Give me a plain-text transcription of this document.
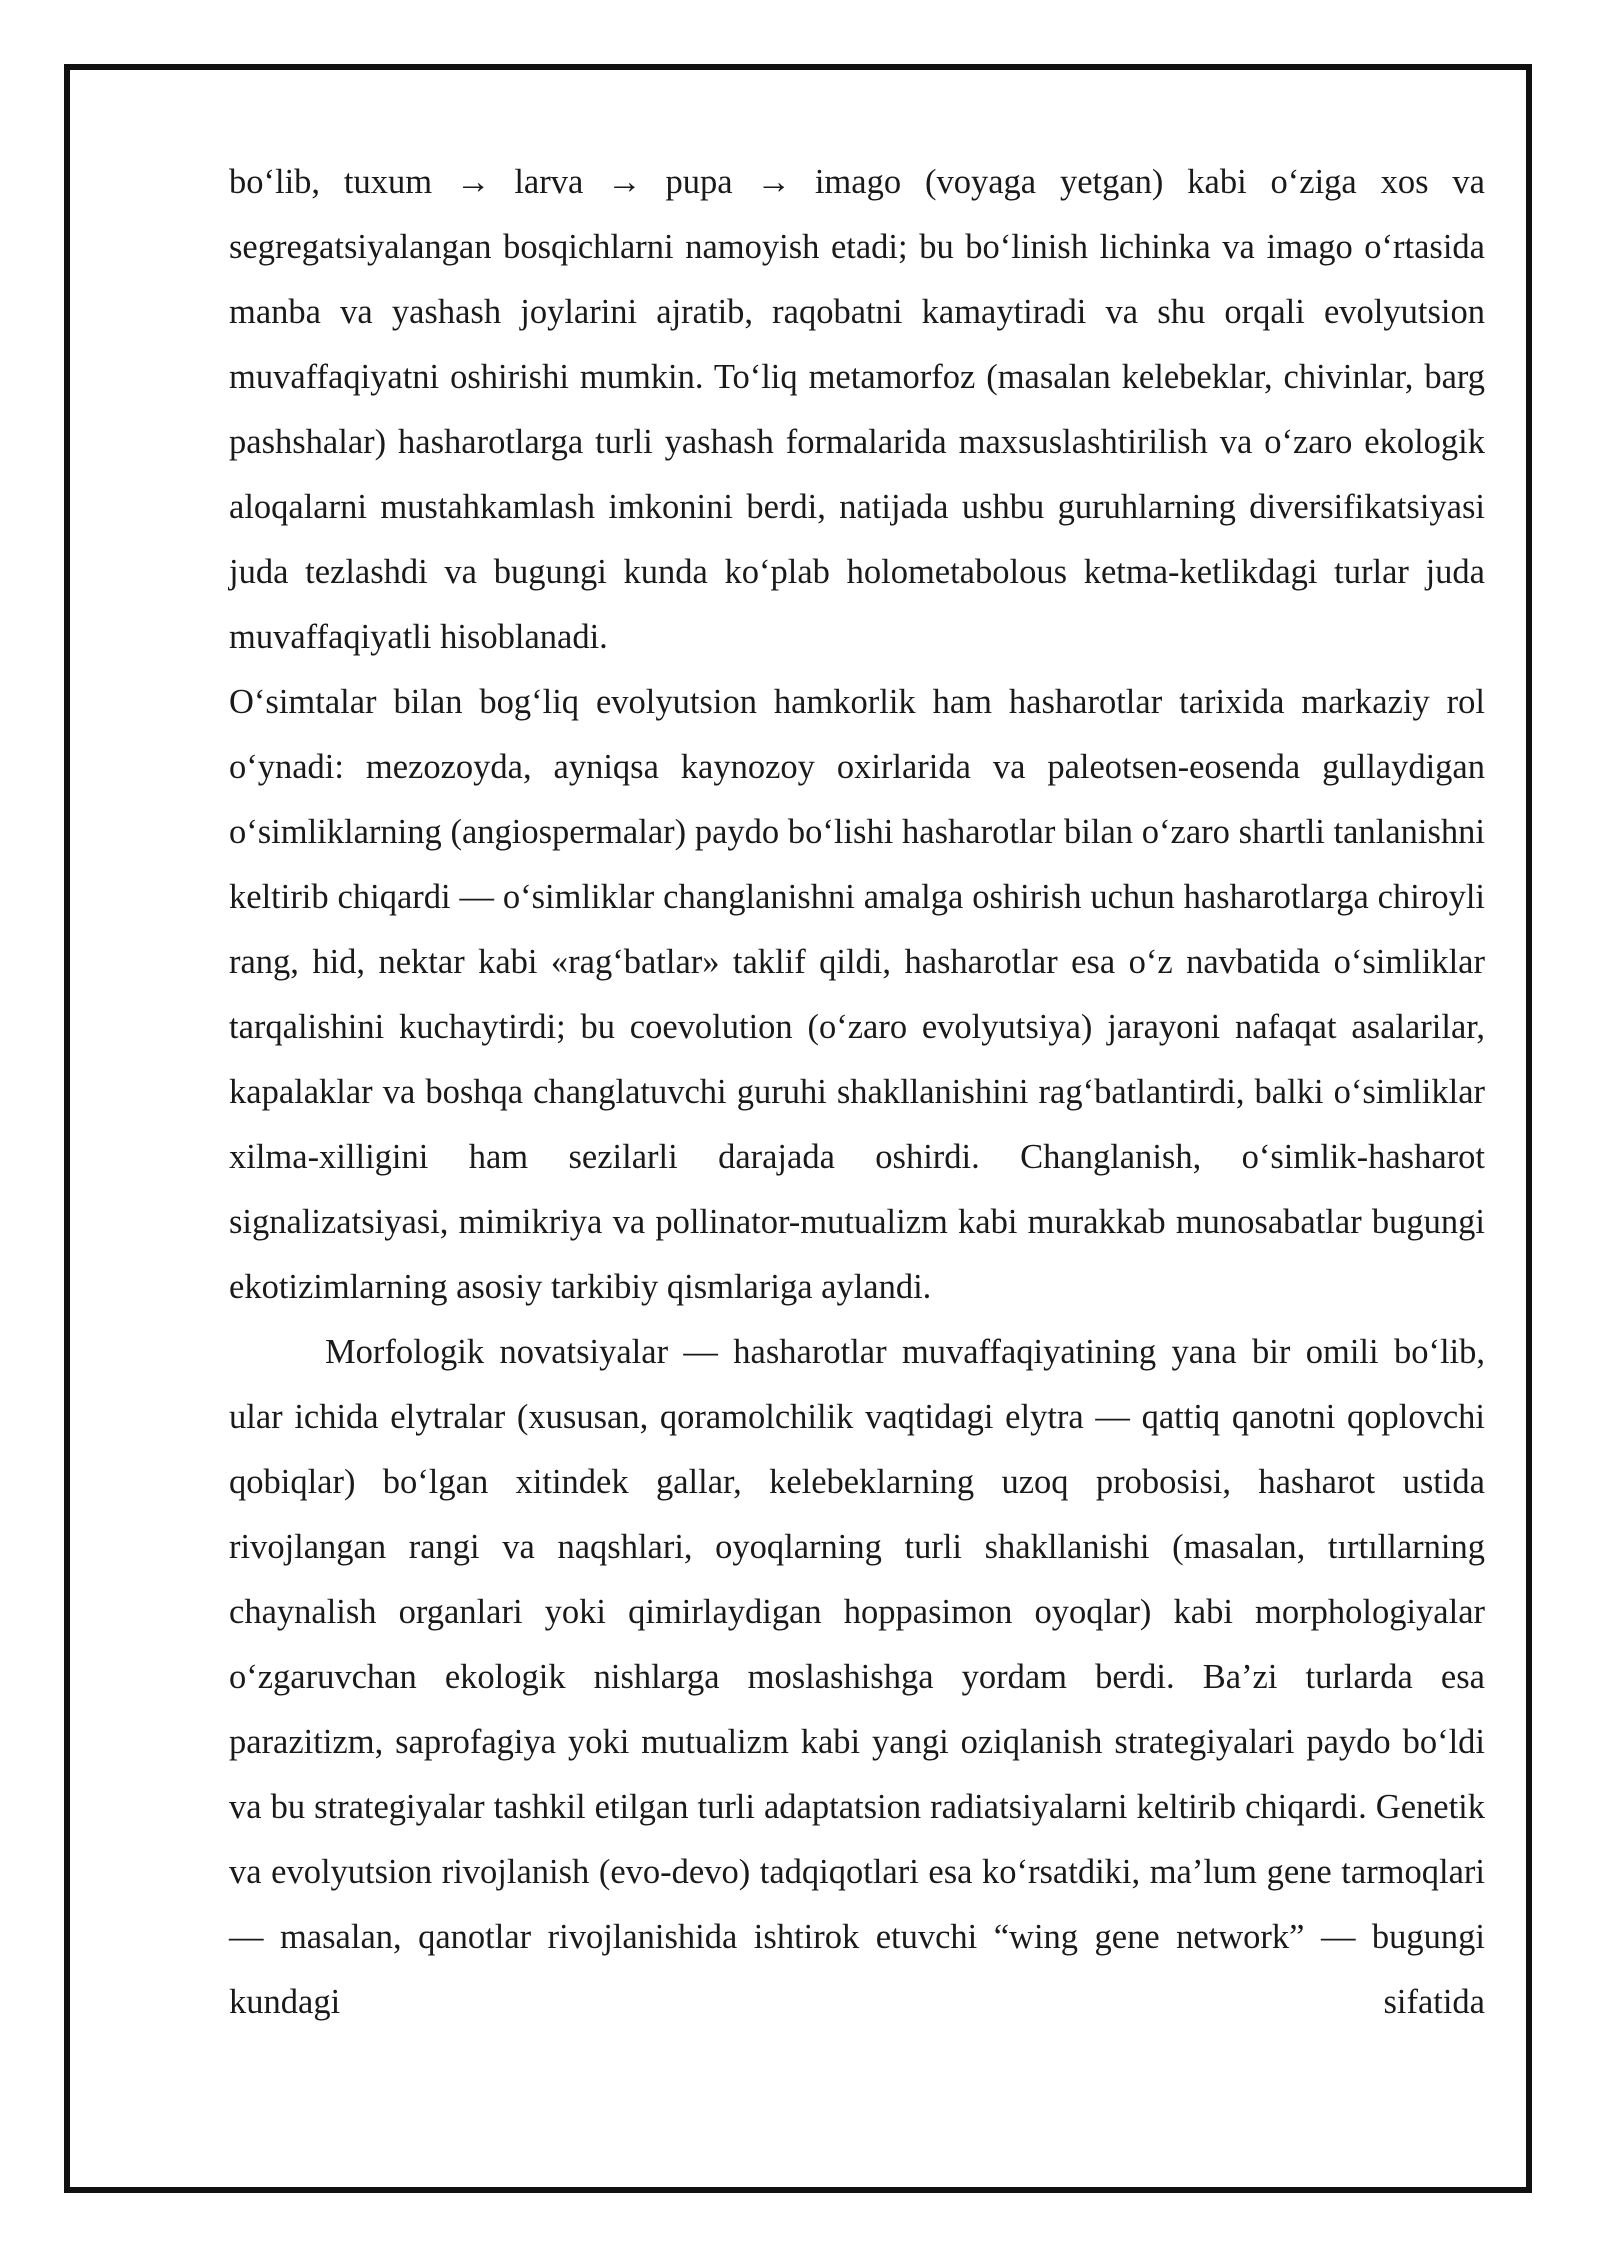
bo‘lib, tuxum → larva → pupa → imago (voyaga yetgan) kabi o‘ziga xos va segregatsiyalangan bosqichlarni namoyish etadi; bu bo‘linish lichinka va imago o‘rtasida manba va yashash joylarini ajratib, raqobatni kamaytiradi va shu orqali evolyutsion muvaffaqiyatni oshirishi mumkin. To‘liq metamorfoz (masalan kelebeklar, chivinlar, barg pashshalar) hasharotlarga turli yashash formalarida maxsuslashtirilish va o‘zaro ekologik aloqalarni mustahkamlash imkonini berdi, natijada ushbu guruhlarning diversifikatsiyasi juda tezlashdi va bugungi kunda ko‘plab holometabolous ketma-ketlikdagi turlar juda muvaffaqiyatli hisoblanadi.

O‘simtalar bilan bog‘liq evolyutsion hamkorlik ham hasharotlar tarixida markaziy rol o‘ynadi: mezozoyda, ayniqsa kaynozoy oxirlarida va paleotsen-eosenda gullaydigan o‘simliklarning (angiospermalar) paydo bo‘lishi hasharotlar bilan o‘zaro shartli tanlanishni keltirib chiqardi — o‘simliklar changlanishni amalga oshirish uchun hasharotlarga chiroyli rang, hid, nektar kabi «rag‘batlar» taklif qildi, hasharotlar esa o‘z navbatida o‘simliklar tarqalishini kuchaytirdi; bu coevolution (o‘zaro evolyutsiya) jarayoni nafaqat asalarilar, kapalaklar va boshqa changlatuvchi guruhi shakllanishini rag‘batlantirdi, balki o‘simliklar xilma-xilligini ham sezilarli darajada oshirdi. Changlanish, o‘simlik-hasharot signalizatsiyasi, mimikriya va pollinator-mutualizm kabi murakkab munosabatlar bugungi ekotizimlarning asosiy tarkibiy qismlariga aylandi.

Morfologik novatsiyalar — hasharotlar muvaffaqiyatining yana bir omili bo‘lib, ular ichida elytralar (xususan, qoramolchilik vaqtidagi elytra — qattiq qanotni qoplovchi qobiqlar) bo‘lgan xitindek gallar, kelebeklarning uzoq probosisi, hasharot ustida rivojlangan rangi va naqshlari, oyoqlarning turli shakllanishi (masalan, tırtıllarning chaynalish organlari yoki qimirlaydigan hoppasimon oyoqlar) kabi morphologiyalar o‘zgaruvchan ekologik nishlarga moslashishga yordam berdi. Ba’zi turlarda esa parazitizm, saprofagiya yoki mutualizm kabi yangi oziqlanish strategiyalari paydo bo‘ldi va bu strategiyalar tashkil etilgan turli adaptatsion radiatsiyalarni keltirib chiqardi. Genetik va evolyutsion rivojlanish (evo-devo) tadqiqotlari esa ko‘rsatdiki, ma’lum gene tarmoqlari — masalan, qanotlar rivojlanishida ishtirok etuvchi “wing gene network” — bugungi kundagi sifatida
